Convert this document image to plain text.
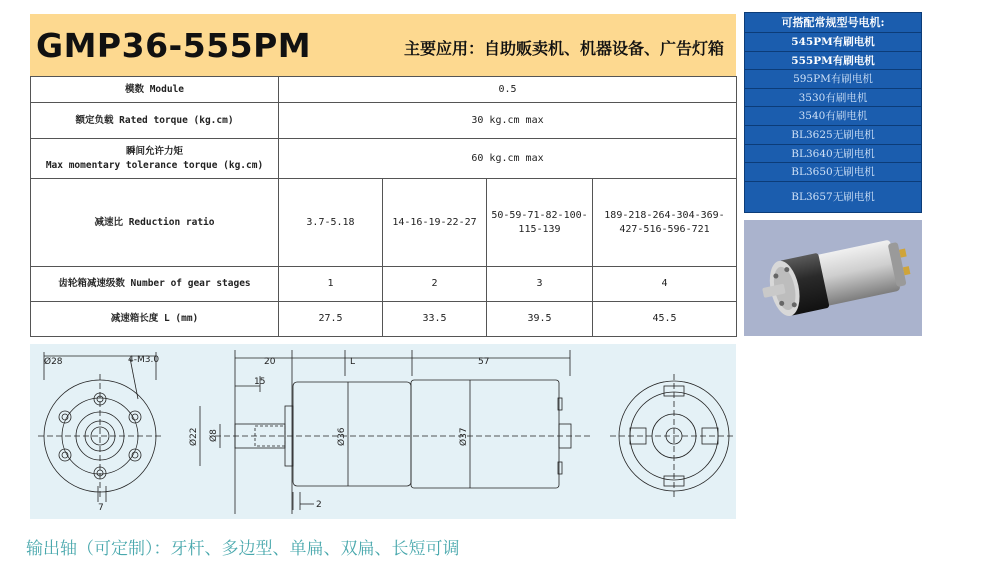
GMP36-555PM	主要应用：自助贩卖机、机器设备、广告灯箱
模数 Module	0.5			
额定负载 Rated torque (kg.cm)	30 kg.cm max			

瞬间允许力矩
Max momentary tolerance torque (kg.cm)	60 kg.cm max			
减速比 Reduction ratio	3.7-5.18	14-16-19-22-27	50-59-71-82-100-115-139	189-218-264-304-369-427-516-596-721
齿轮箱减速级数 Number of gear stages	1	2	3	4
减速箱长度 L (mm)	27.5	33.5	39.5	45.5
可搭配常规型号电机:
545PM有刷电机
555PM有刷电机
595PM有刷电机
3530有刷电机
3540有刷电机
BL3625无刷电机
BL3640无刷电机
BL3650无刷电机
BL3657无刷电机
Ø28	4-M3.0	20	L	57
15
Ø22 Ø8	Ø36	Ø37
2
7
输出轴（可定制）：牙杆、多边型、单扁、双扁、长短可调
